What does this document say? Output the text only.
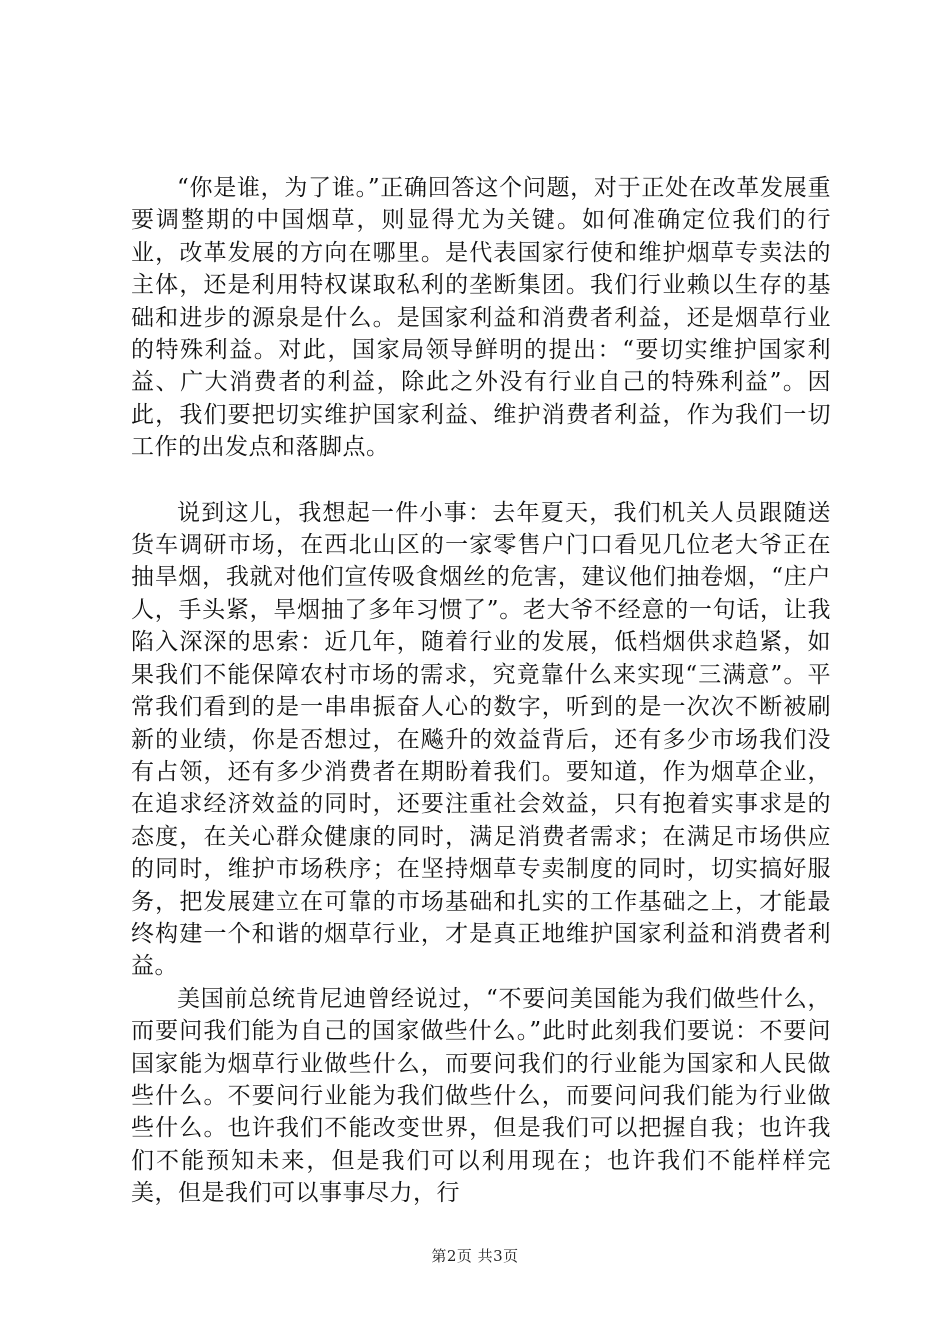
“你是谁，为了谁。”正确回答这个问题，对于正处在改革发展重要调整期的中国烟草，则显得尤为关键。如何准确定位我们的行业，改革发展的方向在哪里。是代表国家行使和维护烟草专卖法的主体，还是利用特权谋取私利的垄断集团。我们行业赖以生存的基础和进步的源泉是什么。是国家利益和消费者利益，还是烟草行业的特殊利益。对此，国家局领导鲜明的提出：“要切实维护国家利益、广大消费者的利益，除此之外没有行业自己的特殊利益”。因此，我们要把切实维护国家利益、维护消费者利益，作为我们一切工作的出发点和落脚点。

说到这儿，我想起一件小事：去年夏天，我们机关人员跟随送货车调研市场，在西北山区的一家零售户门口看见几位老大爷正在抽旱烟，我就对他们宣传吸食烟丝的危害，建议他们抽卷烟，“庄户人，手头紧，旱烟抽了多年习惯了”。老大爷不经意的一句话，让我陷入深深的思索：近几年，随着行业的发展，低档烟供求趋紧，如果我们不能保障农村市场的需求，究竟靠什么来实现“三满意”。平常我们看到的是一串串振奋人心的数字，听到的是一次次不断被刷新的业绩，你是否想过，在飚升的效益背后，还有多少市场我们没有占领，还有多少消费者在期盼着我们。要知道，作为烟草企业，在追求经济效益的同时，还要注重社会效益，只有抱着实事求是的态度，在关心群众健康的同时，满足消费者需求；在满足市场供应的同时，维护市场秩序；在坚持烟草专卖制度的同时，切实搞好服务，把发展建立在可靠的市场基础和扎实的工作基础之上，才能最终构建一个和谐的烟草行业，才是真正地维护国家利益和消费者利益。

美国前总统肯尼迪曾经说过，“不要问美国能为我们做些什么，而要问我们能为自己的国家做些什么。”此时此刻我们要说：不要问国家能为烟草行业做些什么，而要问我们的行业能为国家和人民做些什么。不要问行业能为我们做些什么，而要问问我们能为行业做些什么。也许我们不能改变世界，但是我们可以把握自我；也许我们不能预知未来，但是我们可以利用现在；也许我们不能样样完美，但是我们可以事事尽力，行

第2页 共3页
